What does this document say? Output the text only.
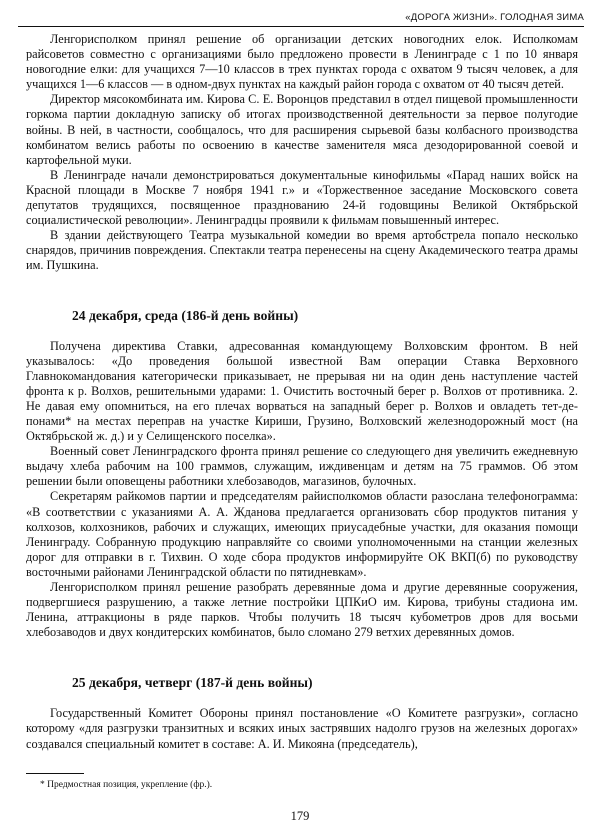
«ДОРОГА ЖИЗНИ». ГОЛОДНАЯ ЗИМА

Ленгорисполком принял решение об организации детских новогодних елок. Исполкомам райсоветов совместно с организациями было предложено провести в Ленинграде с 1 по 10 января новогодние елки: для учащихся 7—10 классов в трех пунктах города с охватом 9 тысяч человек, а для учащихся 1—6 классов — в одном-двух пунктах на каждый район города с охватом от 40 тысяч детей.

Директор мясокомбината им. Кирова С. Е. Воронцов представил в отдел пищевой промышленности горкома партии докладную записку об итогах производственной деятельности за первое полугодие войны. В ней, в частности, сообщалось, что для расширения сырьевой базы колбасного производства комбинатом велись работы по освоению в качестве заменителя мяса дезодорированной соевой и картофельной муки.

В Ленинграде начали демонстрироваться документальные кинофильмы «Парад наших войск на Красной площади в Москве 7 ноября 1941 г.» и «Торжественное заседание Московского совета депутатов трудящихся, посвященное празднованию 24-й годовщины Великой Октябрьской социалистической революции». Ленинградцы проявили к фильмам повышенный интерес.

В здании действующего Театра музыкальной комедии во время артобстрела попало несколько снарядов, причинив повреждения. Спектакли театра перенесены на сцену Академического театра драмы им. Пушкина.

24 декабря, среда (186-й день войны)

Получена директива Ставки, адресованная командующему Волховским фронтом. В ней указывалось: «До проведения большой известной Вам операции Ставка Верховного Главнокомандования категорически приказывает, не прерывая ни на один день наступление частей фронта к р. Волхов, решительными ударами: 1. Очистить восточный берег р. Волхов от противника. 2. Не давая ему опомниться, на его плечах ворваться на западный берег р. Волхов и овладеть тет-де-понами* на местах переправ на участке Кириши, Грузино, Волховский железнодорожный мост (на Октябрьской ж. д.) и у Селищенского поселка».

Военный совет Ленинградского фронта принял решение со следующего дня увеличить ежедневную выдачу хлеба рабочим на 100 граммов, служащим, иждивенцам и детям на 75 граммов. Об этом решении были оповещены работники хлебозаводов, магазинов, булочных.

Секретарям райкомов партии и председателям райисполкомов области разослана телефонограмма: «В соответствии с указаниями А. А. Жданова предлагается организовать сбор продуктов питания у колхозов, колхозников, рабочих и служащих, имеющих приусадебные участки, для оказания помощи Ленинграду. Собранную продукцию направляйте со своими уполномоченными на станции железных дорог для отправки в г. Тихвин. О ходе сбора продуктов информируйте ОК ВКП(б) по руководству восточными районами Ленинградской области по пятидневкам».

Ленгорисполком принял решение разобрать деревянные дома и другие деревянные сооружения, подвергшиеся разрушению, а также летние постройки ЦПКиО им. Кирова, трибуны стадиона им. Ленина, аттракционы в ряде парков. Чтобы получить 18 тысяч кубометров дров для восьми хлебозаводов и двух кондитерских комбинатов, было сломано 279 ветхих деревянных домов.

25 декабря, четверг (187-й день войны)

Государственный Комитет Обороны принял постановление «О Комитете разгрузки», согласно которому «для разгрузки транзитных и всяких иных застрявших надолго грузов на железных дорогах» создавался специальный комитет в составе: А. И. Микояна (председатель),

* Предмостная позиция, укрепление (фр.).
179
